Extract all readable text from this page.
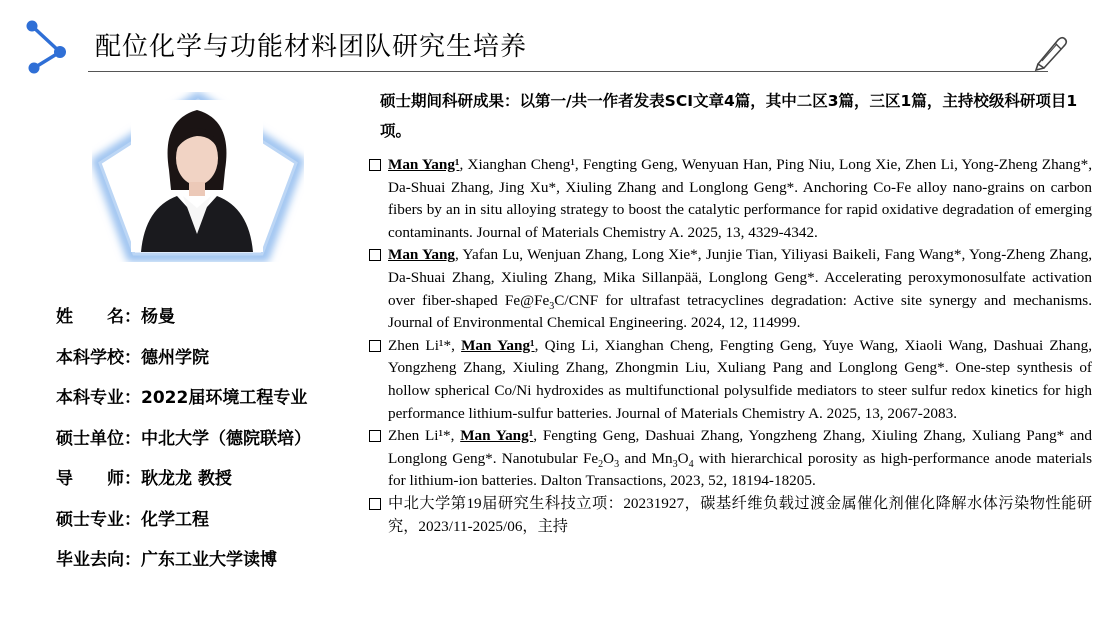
配位化学与功能材料团队研究生培养
姓　　名：杨曼
本科学校：德州学院
本科专业：2022届环境工程专业
硕士单位：中北大学（德院联培）
导　　师：耿龙龙 教授
硕士专业：化学工程
毕业去向：广东工业大学读博
硕士期间科研成果：以第一/共一作者发表SCI文章4篇，其中二区3篇，三区1篇，主持校级科研项目1项。
Man Yang¹, Xianghan Cheng¹, Fengting Geng, Wenyuan Han, Ping Niu, Long Xie, Zhen Li, Yong-Zheng Zhang*, Da-Shuai Zhang, Jing Xu*, Xiuling Zhang and Longlong Geng*. Anchoring Co-Fe alloy nano-grains on carbon fibers by an in situ alloying strategy to boost the catalytic performance for rapid oxidative degradation of emerging contaminants. Journal of Materials Chemistry A. 2025, 13, 4329-4342.
Man Yang, Yafan Lu, Wenjuan Zhang, Long Xie*, Junjie Tian, Yiliyasi Baikeli, Fang Wang*, Yong-Zheng Zhang, Da-Shuai Zhang, Xiuling Zhang, Mika Sillanpää, Longlong Geng*. Accelerating peroxymonosulfate activation over fiber-shaped $Fe@Fe_3C$/CNF for ultrafast tetracyclines degradation: Active site synergy and mechanisms. Journal of Environmental Chemical Engineering. 2024, 12, 114999.
Zhen Li¹*, Man Yang¹, Qing Li, Xianghan Cheng, Fengting Geng, Yuye Wang, Xiaoli Wang, Dashuai Zhang, Yongzheng Zhang, Xiuling Zhang, Zhongmin Liu, Xuliang Pang and Longlong Geng*. One-step synthesis of hollow spherical Co/Ni hydroxides as multifunctional polysulfide mediators to steer sulfur redox kinetics for high performance lithium-sulfur batteries. Journal of Materials Chemistry A. 2025, 13, 2067-2083.
Zhen Li¹*, Man Yang¹, Fengting Geng, Dashuai Zhang, Yongzheng Zhang, Xiuling Zhang, Xuliang Pang* and Longlong Geng*. Nanotubular $Fe_2O_3$ and $Mn_3O_4$ with hierarchical porosity as high-performance anode materials for lithium-ion batteries. Dalton Transactions, 2023, 52, 18194-18205.
中北大学第19届研究生科技立项：20231927，碳基纤维负载过渡金属催化剂催化降解水体污染物性能研究，2023/11-2025/06，主持
